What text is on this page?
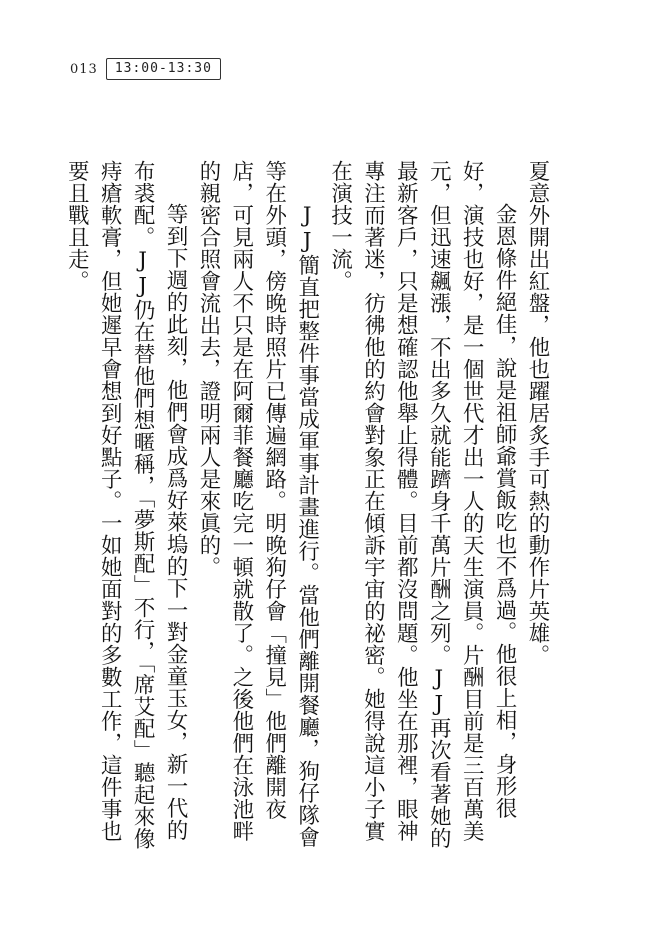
013	13:00-13:30

夏意外開出紅盤，他也躍居炙手可熱的動作片英雄。

金恩條件絕佳，說是祖師爺賞飯吃也不爲過。他很上相，身形很好，演技也好，是一個世代才出一人的天生演員。片酬目前是三百萬美元，但迅速飆漲，不出多久就能躋身千萬片酬之列。JJ再次看著她的最新客戶，只是想確認他舉止得體。目前都沒問題。他坐在那裡，眼神專注而著迷，彷彿他的約會對象正在傾訴宇宙的祕密。她得說這小子實在演技一流。

JJ簡直把整件事當成軍事計畫進行。當他們離開餐廳，狗仔隊會等在外頭，傍晚時照片已傳遍網路。明晚狗仔會「撞見」他們離開夜店，可見兩人不只是在阿爾菲餐廳吃完一頓就散了。之後他們在泳池畔的親密合照會流出去，證明兩人是來眞的。

等到下週的此刻，他們會成爲好萊塢的下一對金童玉女，新一代的布裘配。JJ仍在替他們想暱稱，「夢斯配」不行，「席艾配」聽起來像痔瘡軟膏，但她遲早會想到好點子。一如她面對的多數工作，這件事也要且戰且走。
